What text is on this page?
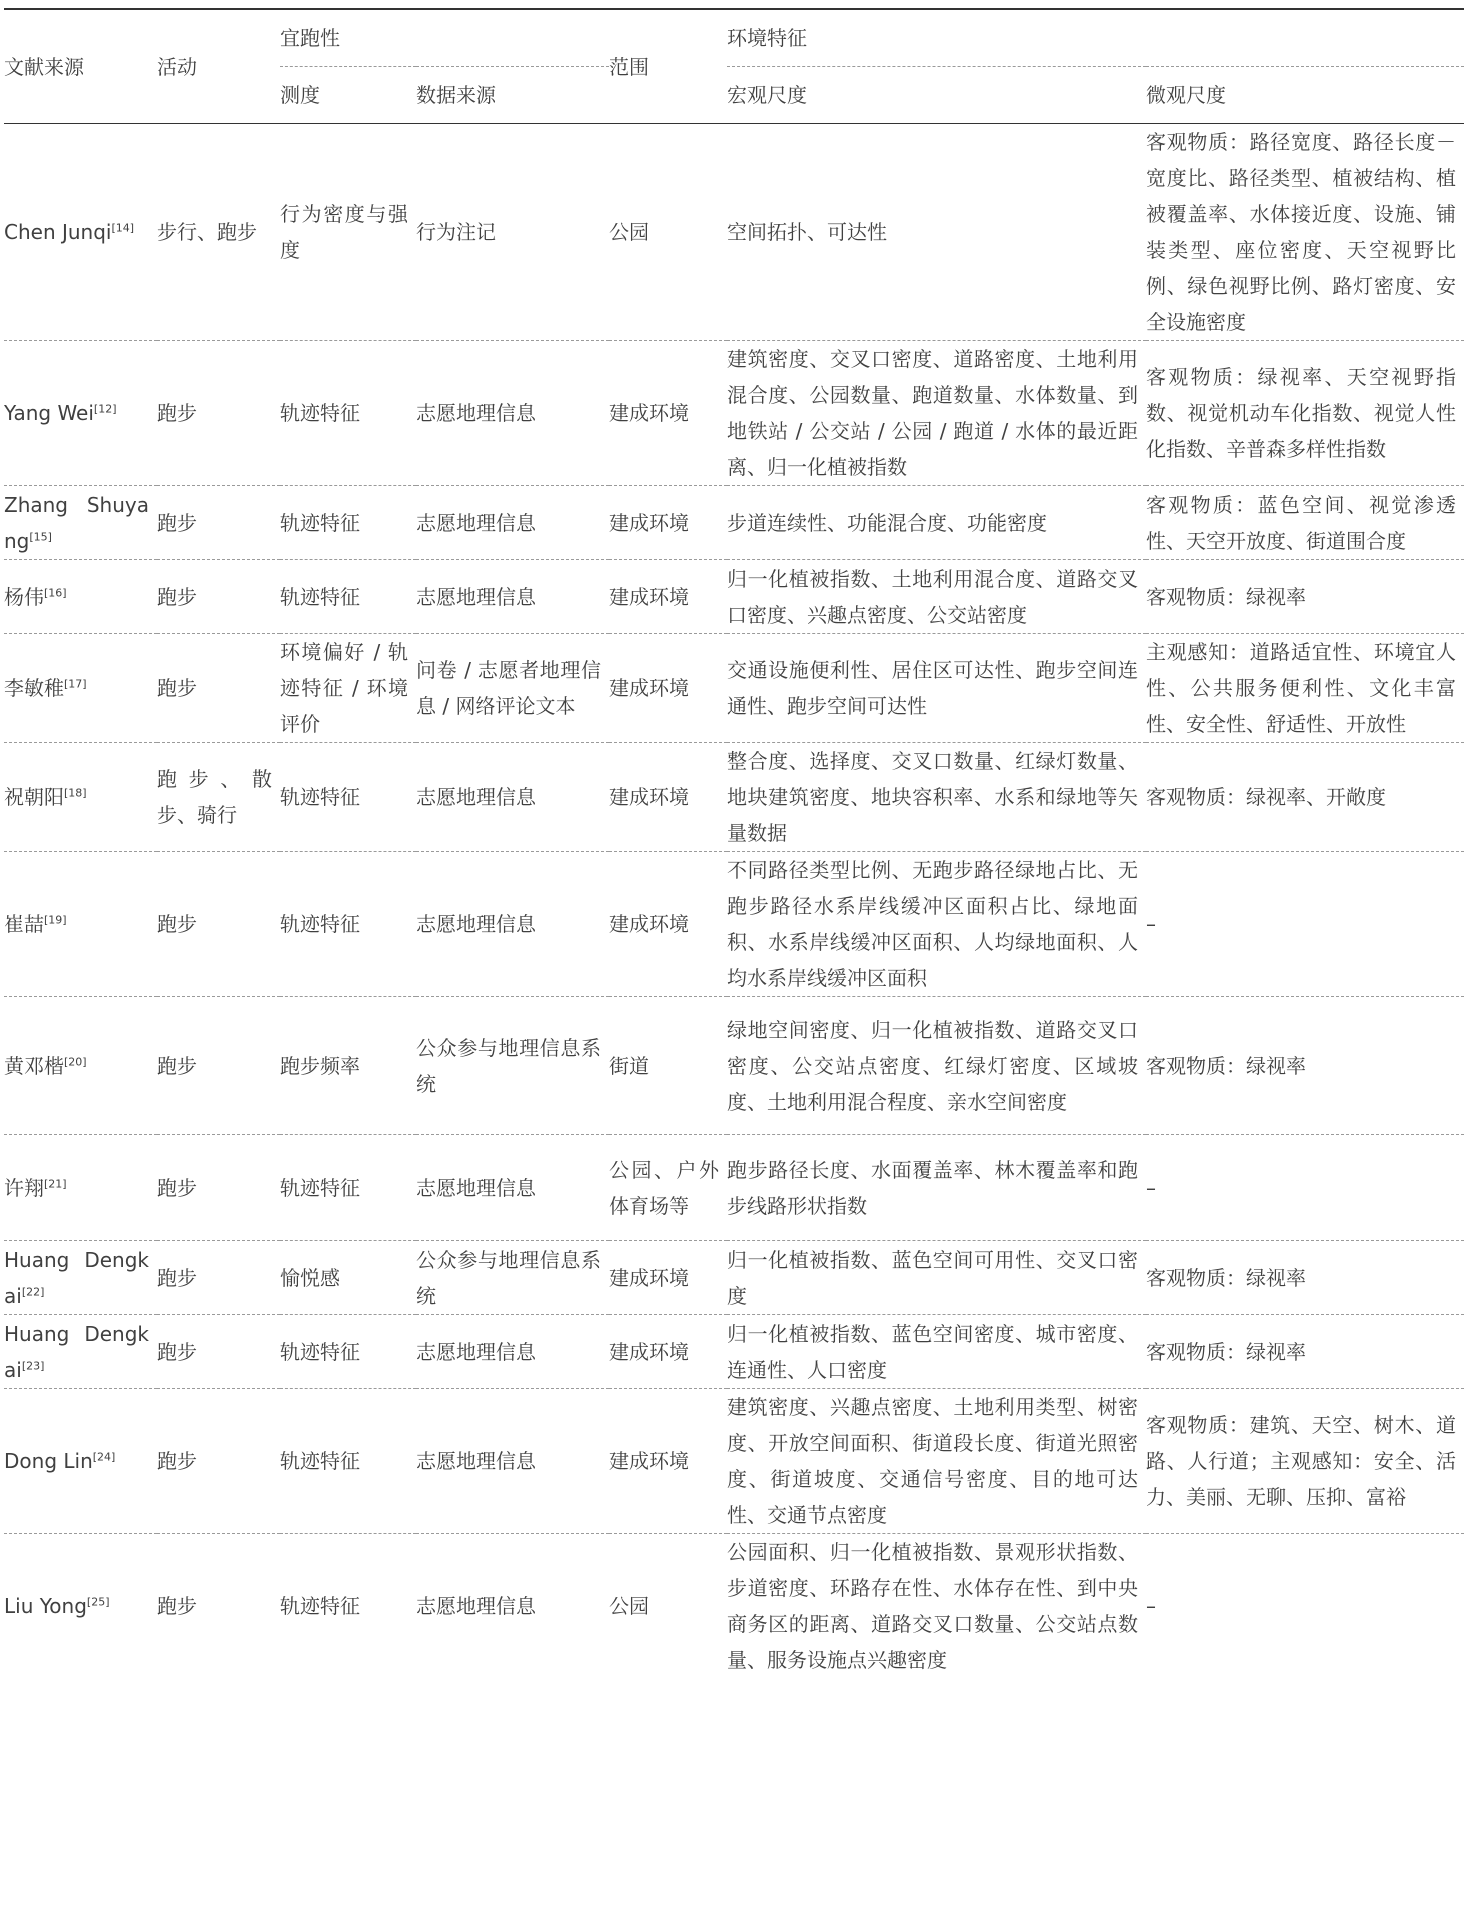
文献来源	活动	宜跑性		范围	环境特征	
		测度	数据来源		宏观尺度	微观尺度
Chen Junqi[14]	步行、跑步	行为密度与强度	行为注记	公园	空间拓扑、可达性	客观物质：路径宽度、路径长度－宽度比、路径类型、植被结构、植被覆盖率、水体接近度、设施、铺装类型、座位密度、天空视野比例、绿色视野比例、路灯密度、安全设施密度
Yang Wei[12]	跑步	轨迹特征	志愿地理信息	建成环境	建筑密度、交叉口密度、道路密度、土地利用混合度、公园数量、跑道数量、水体数量、到地铁站 / 公交站 / 公园 / 跑道 / 水体的最近距离、归一化植被指数	客观物质：绿视率、天空视野指数、视觉机动车化指数、视觉人性化指数、辛普森多样性指数
Zhang Shuyang[15]	跑步	轨迹特征	志愿地理信息	建成环境	步道连续性、功能混合度、功能密度	客观物质：蓝色空间、视觉渗透性、天空开放度、街道围合度
杨伟[16]	跑步	轨迹特征	志愿地理信息	建成环境	归一化植被指数、土地利用混合度、道路交叉口密度、兴趣点密度、公交站密度	客观物质：绿视率
李敏稚[17]	跑步	环境偏好 / 轨迹特征 / 环境评价	问卷 / 志愿者地理信息 / 网络评论文本	建成环境	交通设施便利性、居住区可达性、跑步空间连通性、跑步空间可达性	主观感知：道路适宜性、环境宜人性、公共服务便利性、文化丰富性、安全性、舒适性、开放性
祝朝阳[18]	跑步、散步、骑行	轨迹特征	志愿地理信息	建成环境	整合度、选择度、交叉口数量、红绿灯数量、地块建筑密度、地块容积率、水系和绿地等矢量数据	客观物质：绿视率、开敞度
崔喆[19]	跑步	轨迹特征	志愿地理信息	建成环境	不同路径类型比例、无跑步路径绿地占比、无跑步路径水系岸线缓冲区面积占比、绿地面积、水系岸线缓冲区面积、人均绿地面积、人均水系岸线缓冲区面积	–
黄邓楷[20]	跑步	跑步频率	公众参与地理信息系统	街道	绿地空间密度、归一化植被指数、道路交叉口密度、公交站点密度、红绿灯密度、区域坡度、土地利用混合程度、亲水空间密度	客观物质：绿视率
许翔[21]	跑步	轨迹特征	志愿地理信息	公园、户外体育场等	跑步路径长度、水面覆盖率、林木覆盖率和跑步线路形状指数	–
Huang Dengkai[22]	跑步	愉悦感	公众参与地理信息系统	建成环境	归一化植被指数、蓝色空间可用性、交叉口密度	客观物质：绿视率
Huang Dengkai[23]	跑步	轨迹特征	志愿地理信息	建成环境	归一化植被指数、蓝色空间密度、城市密度、连通性、人口密度	客观物质：绿视率
Dong Lin[24]	跑步	轨迹特征	志愿地理信息	建成环境	建筑密度、兴趣点密度、土地利用类型、树密度、开放空间面积、街道段长度、街道光照密度、街道坡度、交通信号密度、目的地可达性、交通节点密度	客观物质：建筑、天空、树木、道路、人行道；主观感知：安全、活力、美丽、无聊、压抑、富裕
Liu Yong[25]	跑步	轨迹特征	志愿地理信息	公园	公园面积、归一化植被指数、景观形状指数、步道密度、环路存在性、水体存在性、到中央商务区的距离、道路交叉口数量、公交站点数量、服务设施点兴趣密度	–
